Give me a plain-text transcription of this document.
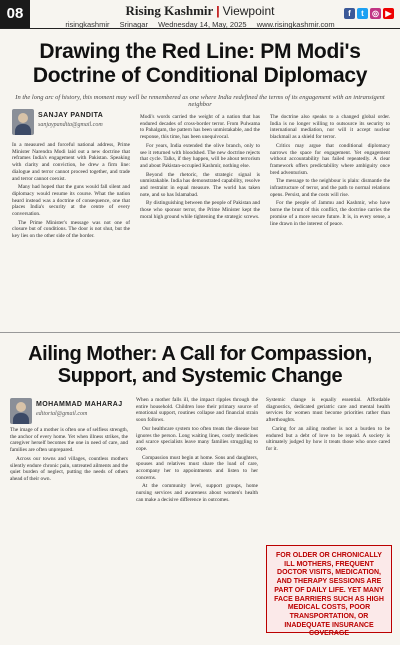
08	Rising Kashmir | Viewpoint
risingkashmir Srinagar Wednesday 14, May, 2025 www.risingkashmir.com
f	t	◎ ▶
Drawing the Red Line: PM Modi's Doctrine of Conditional Diplomacy
In the long arc of history, this moment may well be remembered as one where India redefined the terms of its engagement with an intransigent neighbor
SANJAY PANDITA
sanjaypandita@gmail.com

In a measured and forceful national address, Prime Minister Narendra Modi laid out a new doctrine that reframes India's engagement with Pakistan. Speaking with clarity and conviction, he drew a firm line: dialogue and terror cannot proceed together, and trade and terror cannot coexist.

Many had hoped that the guns would fall silent and diplomacy would resume its course. What the nation heard instead was a doctrine of consequence, one that places India's security at the centre of every conversation.

The Prime Minister's message was not one of closure but of conditions. The door is not shut, but the key lies on the other side of the border.

Modi's words carried the weight of a nation that has endured decades of cross-border terror. From Pulwama to Pahalgam, the pattern has been unmistakable, and the response, this time, has been unequivocal.

For years, India extended the olive branch, only to see it returned with bloodshed. The new doctrine rejects that cycle. Talks, if they happen, will be about terrorism and about Pakistan-occupied Kashmir, nothing else.

Beyond the rhetoric, the strategic signal is unmistakable. India has demonstrated capability, resolve and restraint in equal measure. The world has taken note, and so has Islamabad.

By distinguishing between the people of Pakistan and those who sponsor terror, the Prime Minister kept the moral high ground while tightening the strategic screws.

The doctrine also speaks to a changed global order. India is no longer willing to outsource its security to international mediation, nor will it accept nuclear blackmail as a shield for terror.

Critics may argue that conditional diplomacy narrows the space for engagement. Yet engagement without accountability has failed repeatedly. A clear framework offers predictability where ambiguity once bred adventurism.

The message to the neighbour is plain: dismantle the infrastructure of terror, and the path to normal relations opens. Persist, and the costs will rise.

For the people of Jammu and Kashmir, who have borne the brunt of this conflict, the doctrine carries the promise of a more secure future. It is, in every sense, a line drawn in the interest of peace.

Ailing Mother: A Call for Compassion, Support, and Systemic Change
MOHAMMAD MAHARAJ
editorial@gmail.com

The image of a mother is often one of selfless strength, the anchor of every home. Yet when illness strikes, the caregiver herself becomes the one in need of care, and families are often unprepared.

Across our towns and villages, countless mothers silently endure chronic pain, untreated ailments and the quiet burden of neglect, putting the needs of others ahead of their own.

When a mother falls ill, the impact ripples through the entire household. Children lose their primary source of emotional support, routines collapse and financial strain soon follows.

Our healthcare system too often treats the disease but ignores the person. Long waiting lines, costly medicines and scarce specialists leave many families struggling to cope.

Compassion must begin at home. Sons and daughters, spouses and relatives must share the load of care, accompany her to appointments and listen to her concerns.

At the community level, support groups, home nursing services and awareness about women's health can make a decisive difference in outcomes.

Systemic change is equally essential. Affordable diagnostics, dedicated geriatric care and mental health services for women must become priorities rather than afterthoughts.

Caring for an ailing mother is not a burden to be endured but a debt of love to be repaid. A society is ultimately judged by how it treats those who once cared for it.

FOR OLDER OR CHRONICALLY ILL MOTHERS, FREQUENT DOCTOR VISITS, MEDICATION, AND THERAPY SESSIONS ARE PART OF DAILY LIFE. YET MANY FACE BARRIERS SUCH AS HIGH MEDICAL COSTS, POOR TRANSPORTATION, OR INADEQUATE INSURANCE COVERAGE
